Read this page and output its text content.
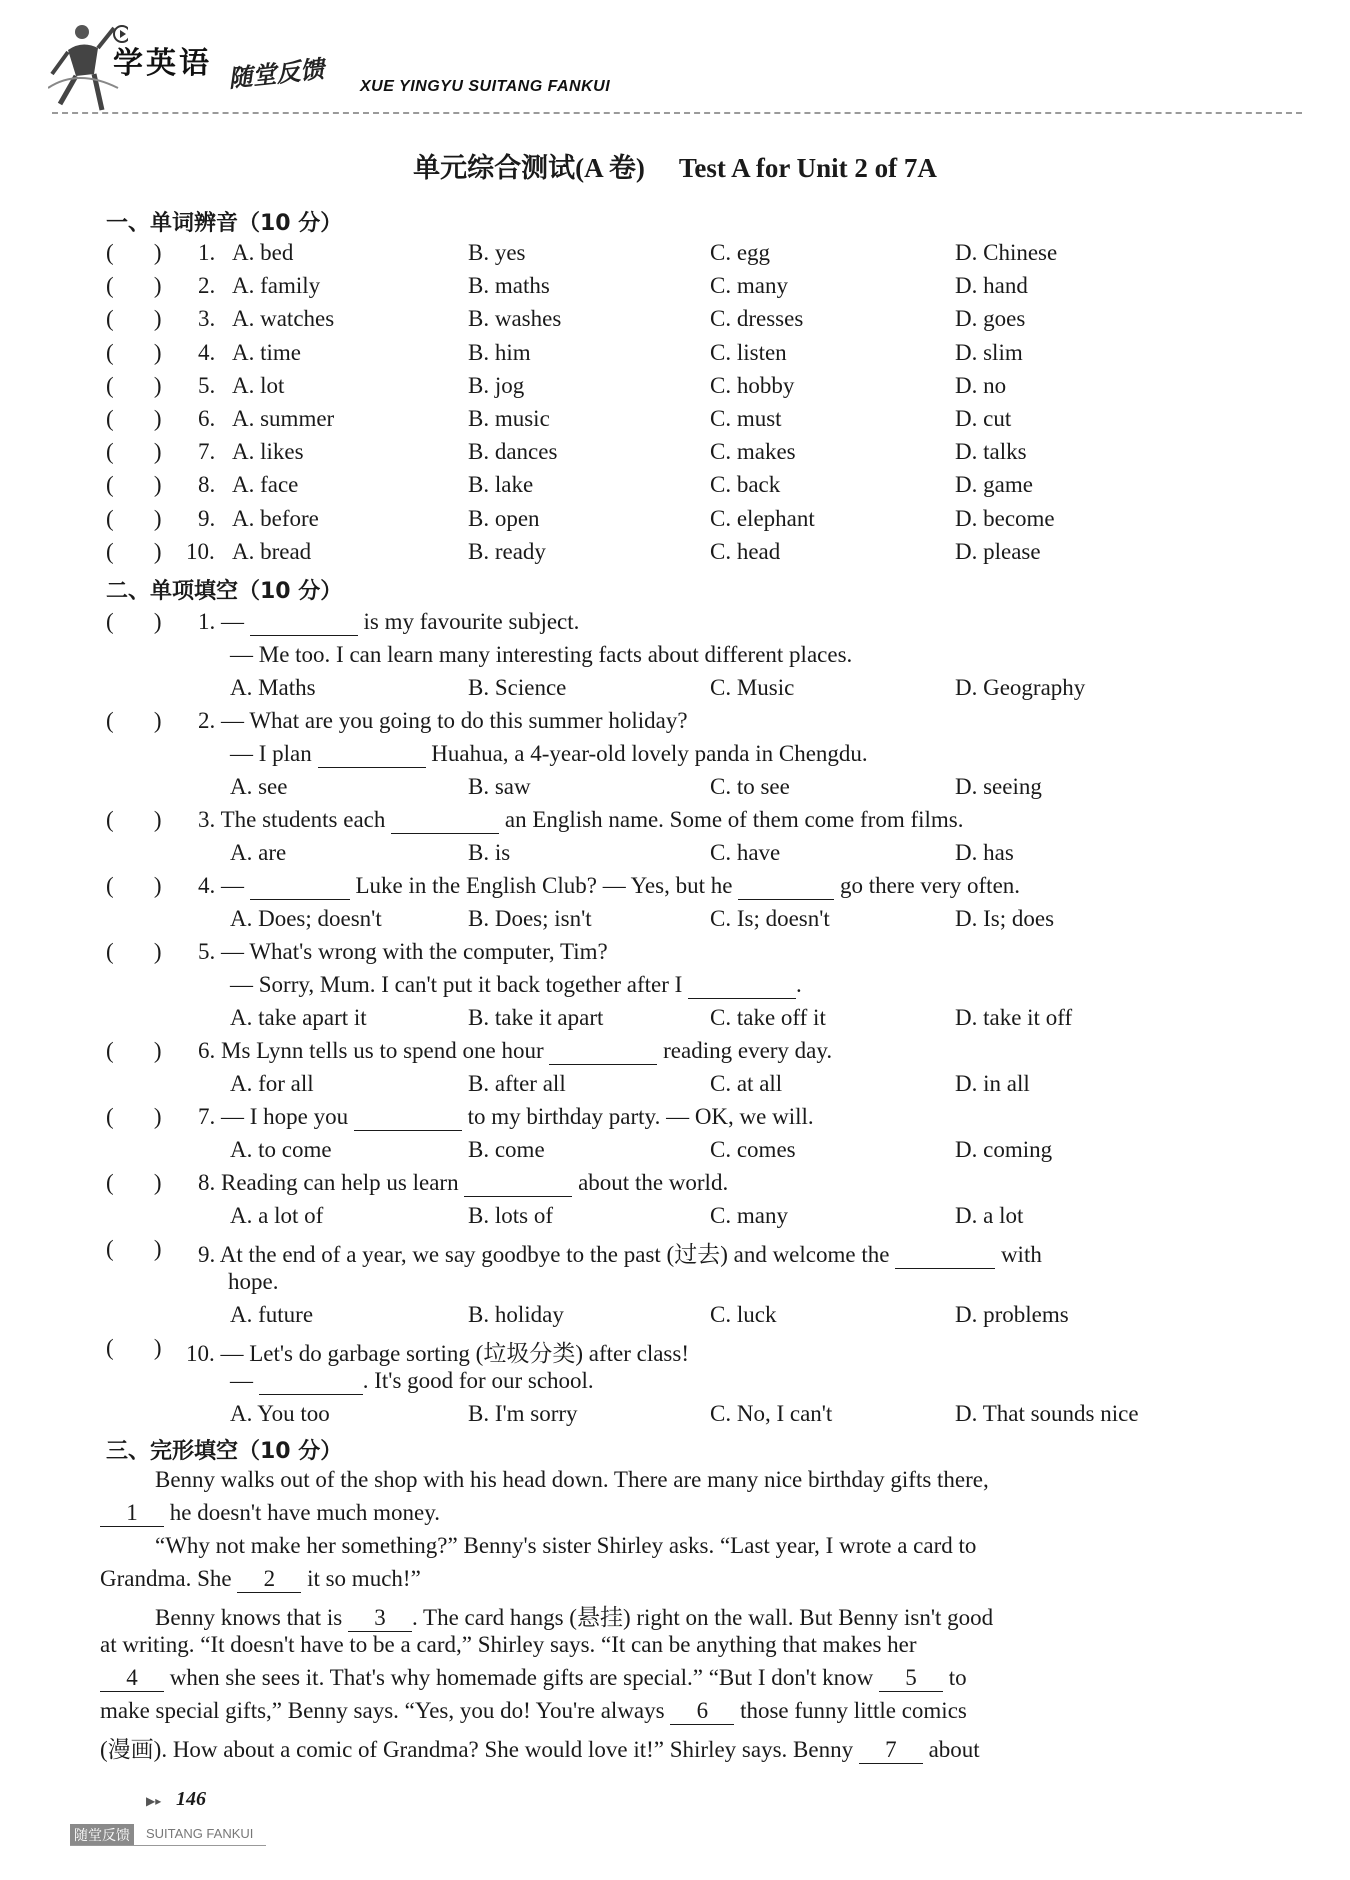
学英语 随堂反馈 XUE YINGYU SUITANG FANKUI
单元综合测试(A 卷) Test A for Unit 2 of 7A
一、单词辨音（10 分）
(       ) 1. A. bed	B. yes	C. egg	D. Chinese
(       ) 2. A. family	B. maths	C. many	D. hand
(       ) 3. A. watches	B. washes	C. dresses	D. goes
(       ) 4. A. time	B. him	C. listen	D. slim
(       ) 5. A. lot	B. jog	C. hobby	D. no
(       ) 6. A. summer	B. music	C. must	D. cut
(       ) 7. A. likes	B. dances	C. makes	D. talks
(       ) 8. A. face	B. lake	C. back	D. game
(       ) 9. A. before	B. open	C. elephant	D. become
(       ) 10. A. bread	B. ready	C. head	D. please
二、单项填空（10 分）
(       ) 1. —	is my favourite subject.
— Me too. I can learn many interesting facts about different places.
A. Maths	B. Science	C. Music	D. Geography
(       ) 2. — What are you going to do this summer holiday?
— I plan	Huahua, a 4-year-old lovely panda in Chengdu.
A. see	B. saw	C. to see	D. seeing
(       ) 3. The students each	an English name. Some of them come from films.
A. are	B. is	C. have	D. has
(       ) 4. —	Luke in the English Club? — Yes, but he	go there very often.
A. Does; doesn't	B. Does; isn't	C. Is; doesn't	D. Is; does
(       ) 5. — What's wrong with the computer, Tim?
— Sorry, Mum. I can't put it back together after I	.
A. take apart it	B. take it apart	C. take off it	D. take it off
(       ) 6. Ms Lynn tells us to spend one hour	reading every day.
A. for all	B. after all	C. at all	D. in all
(       ) 7. — I hope you	to my birthday party. — OK, we will.
A. to come	B. come	C. comes	D. coming
(       ) 8. Reading can help us learn	about the world.
A. a lot of	B. lots of	C. many	D. a lot
(       ) 9. At the end of a year, we say goodbye to the past (过去) and welcome the	with
hope.
A. future	B. holiday	C. luck	D. problems
(       ) 10. — Let's do garbage sorting (垃圾分类) after class!
—	. It's good for our school.
A. You too	B. I'm sorry	C. No, I can't	D. That sounds nice
三、完形填空（10 分）
Benny walks out of the shop with his head down. There are many nice birthday gifts there,
1 he doesn't have much money.
“Why not make her something?” Benny's sister Shirley asks. “Last year, I wrote a card to
Grandma. She 2 it so much!”
Benny knows that is 3 . The card hangs (悬挂) right on the wall. But Benny isn't good
at writing. “It doesn't have to be a card,” Shirley says. “It can be anything that makes her
4 when she sees it. That's why homemade gifts are special.” “But I don't know 5 to
make special gifts,” Benny says. “Yes, you do! You're always 6 those funny little comics
(漫画). How about a comic of Grandma? She would love it!” Shirley says. Benny 7 about
▶▸ 146
随堂反馈	SUITANG FANKUI
